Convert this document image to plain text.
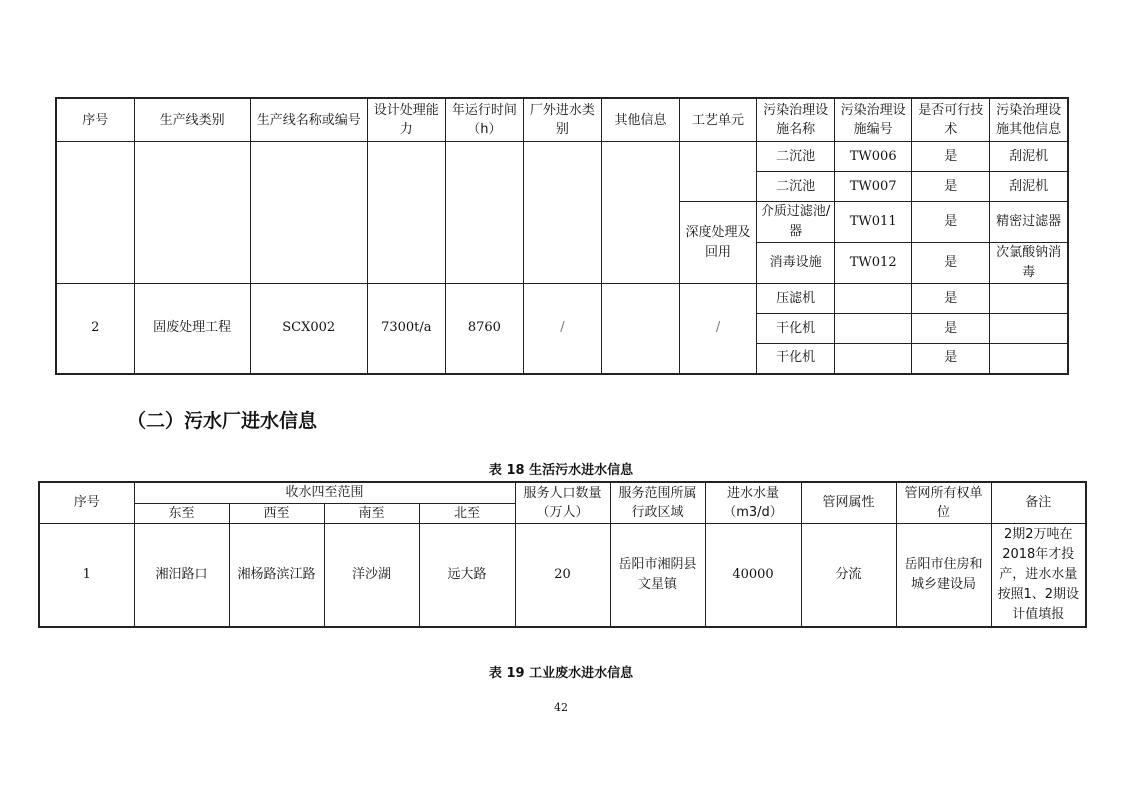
序号	生产线类别	生产线名称或编号	设计处理能力	年运行时间（h）	厂外进水类别	其他信息	工艺单元	污染治理设施名称	污染治理设施编号	是否可行技术	污染治理设施其他信息
								二沉池	TW006	是	刮泥机
								二沉池	TW007	是	刮泥机
							深度处理及回用	介质过滤池/器	TW011	是	精密过滤器
								消毒设施	TW012	是	次氯酸钠消毒
2	固废处理工程	SCX002	7300t/a	8760	/		/	压滤机		是	
								干化机		是	
								干化机		是	
（二）污水厂进水信息
表 18 生活污水进水信息
序号	收水四至范围				服务人口数量（万人）	服务范围所属行政区域	进水水量（m3/d）	管网属性	管网所有权单位	备注
	东至	西至	南至	北至						
1	湘汨路口	湘杨路滨江路	洋沙湖	远大路	20	岳阳市湘阴县文星镇	40000	分流	岳阳市住房和城乡建设局	2期2万吨在2018年才投产，进水水量按照1、2期设计值填报
表 19 工业废水进水信息
42
